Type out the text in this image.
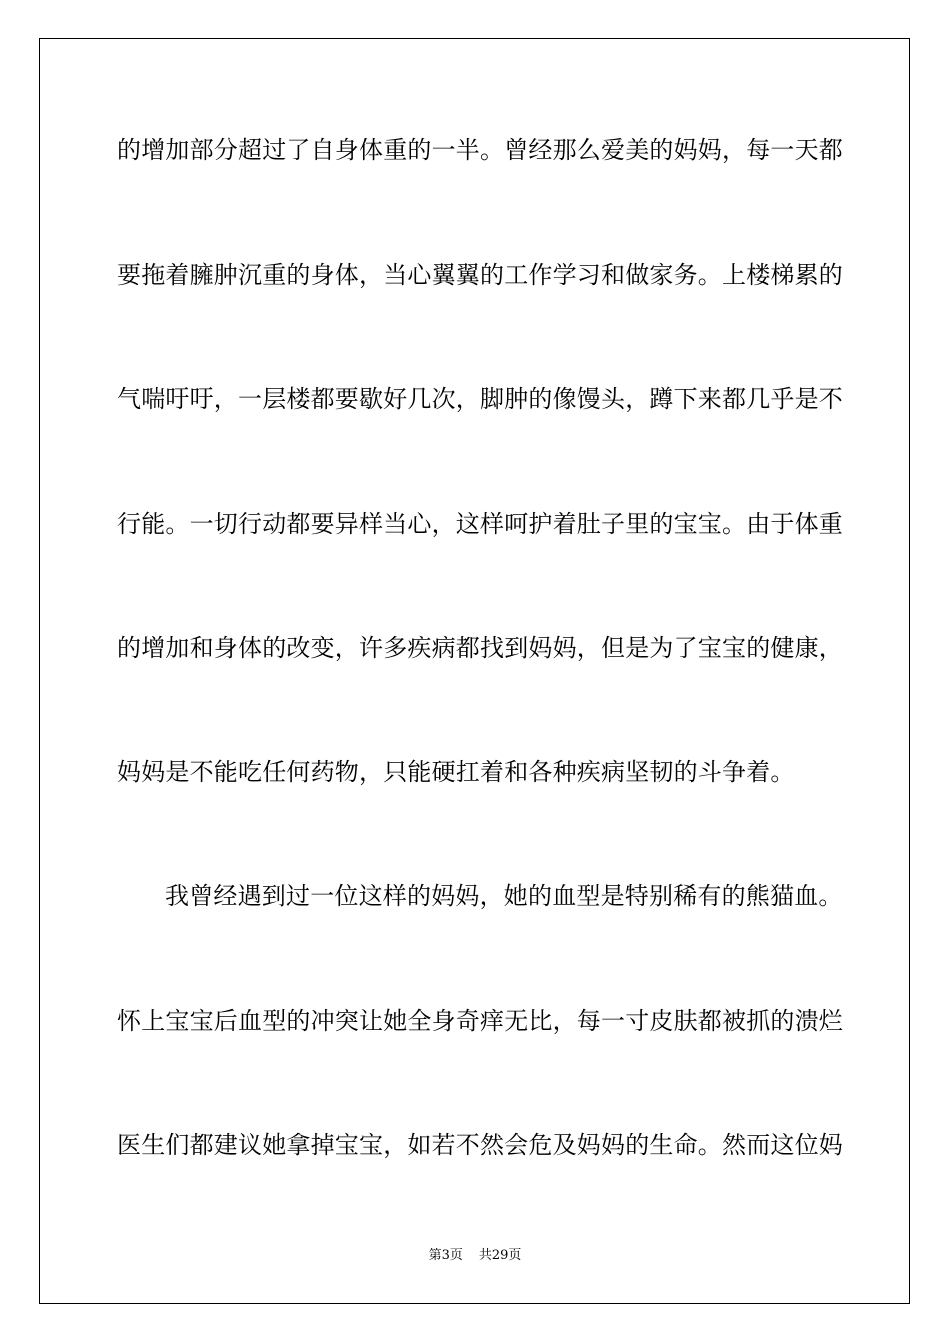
的增加部分超过了自身体重的一半。曾经那么爱美的妈妈，每一天都
要拖着臃肿沉重的身体，当心翼翼的工作学习和做家务。上楼梯累的
气喘吁吁，一层楼都要歇好几次，脚肿的像馒头，蹲下来都几乎是不
行能。一切行动都要异样当心，这样呵护着肚子里的宝宝。由于体重
的增加和身体的改变，许多疾病都找到妈妈，但是为了宝宝的健康，
妈妈是不能吃任何药物，只能硬扛着和各种疾病坚韧的斗争着。
我曾经遇到过一位这样的妈妈，她的血型是特别稀有的熊猫血。
怀上宝宝后血型的冲突让她全身奇痒无比，每一寸皮肤都被抓的溃烂
医生们都建议她拿掉宝宝，如若不然会危及妈妈的生命。然而这位妈
第3页 共29页
